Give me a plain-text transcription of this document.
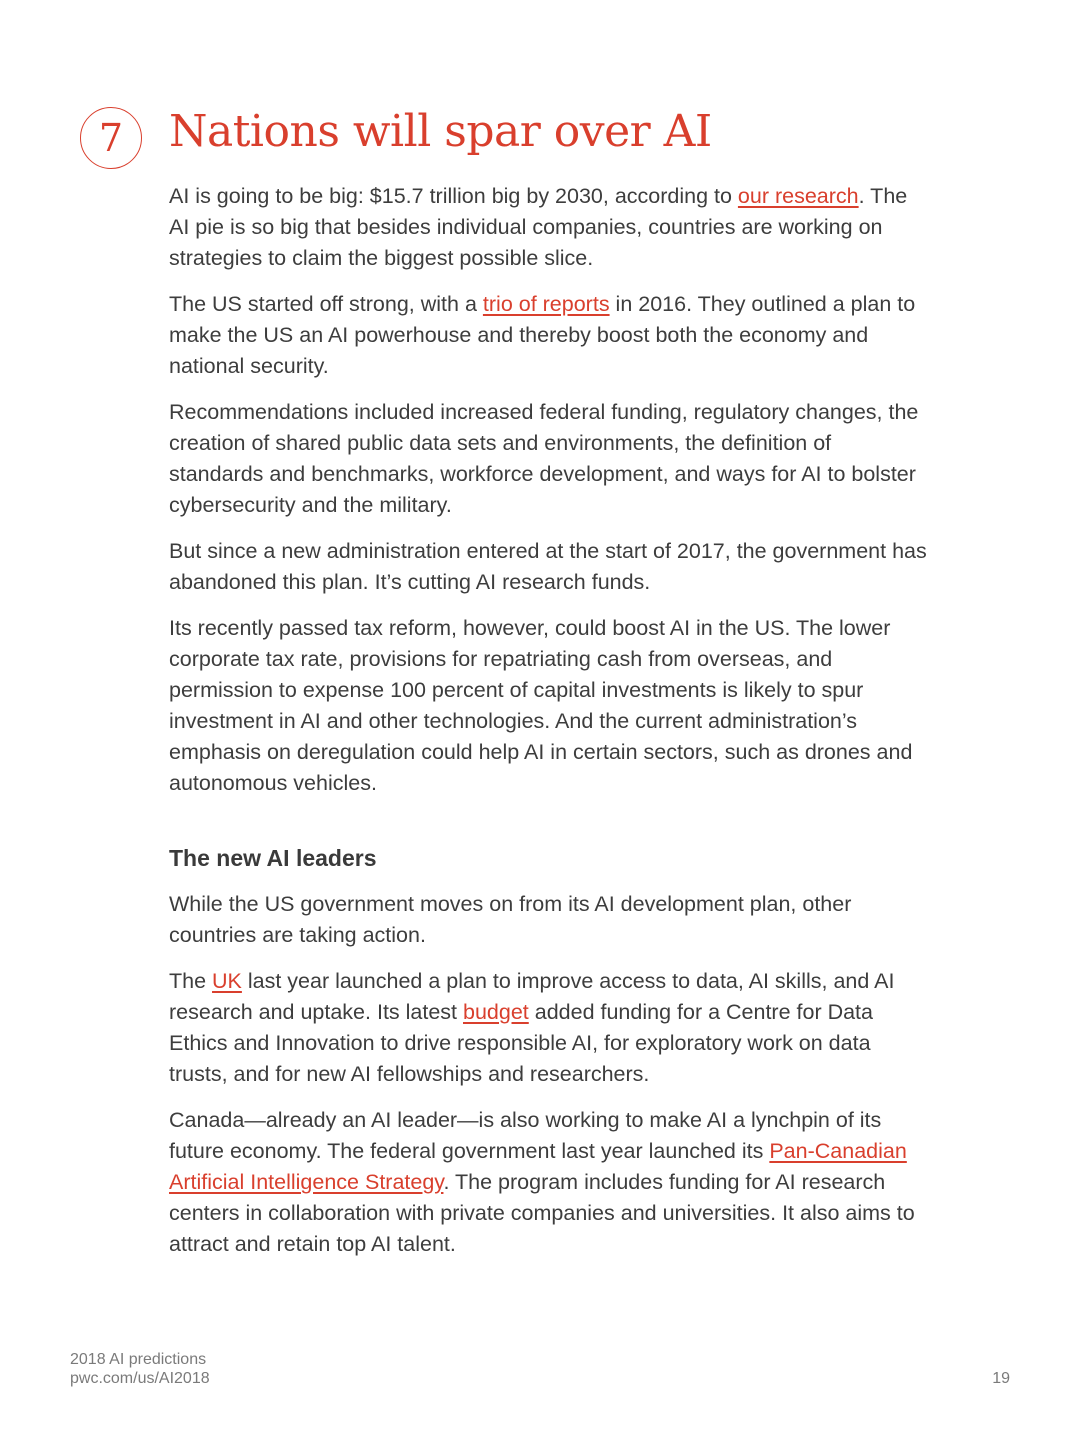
7	Nations will spar over AI

AI is going to be big: $15.7 trillion big by 2030, according to our research. The AI pie is so big that besides individual companies, countries are working on strategies to claim the biggest possible slice.

The US started off strong, with a trio of reports in 2016. They outlined a plan to make the US an AI powerhouse and thereby boost both the economy and national security.

Recommendations included increased federal funding, regulatory changes, the creation of shared public data sets and environments, the definition of standards and benchmarks, workforce development, and ways for AI to bolster cybersecurity and the military.

But since a new administration entered at the start of 2017, the government has abandoned this plan. It’s cutting AI research funds.

Its recently passed tax reform, however, could boost AI in the US. The lower corporate tax rate, provisions for repatriating cash from overseas, and permission to expense 100 percent of capital investments is likely to spur investment in AI and other technologies. And the current administration’s emphasis on deregulation could help AI in certain sectors, such as drones and autonomous vehicles.

The new AI leaders

While the US government moves on from its AI development plan, other countries are taking action.

The UK last year launched a plan to improve access to data, AI skills, and AI research and uptake. Its latest budget added funding for a Centre for Data Ethics and Innovation to drive responsible AI, for exploratory work on data trusts, and for new AI fellowships and researchers.

Canada—already an AI leader—is also working to make AI a lynchpin of its future economy. The federal government last year launched its Pan-Canadian Artificial Intelligence Strategy. The program includes funding for AI research centers in collaboration with private companies and universities. It also aims to attract and retain top AI talent.

2018 AI predictions
pwc.com/us/AI2018	19
